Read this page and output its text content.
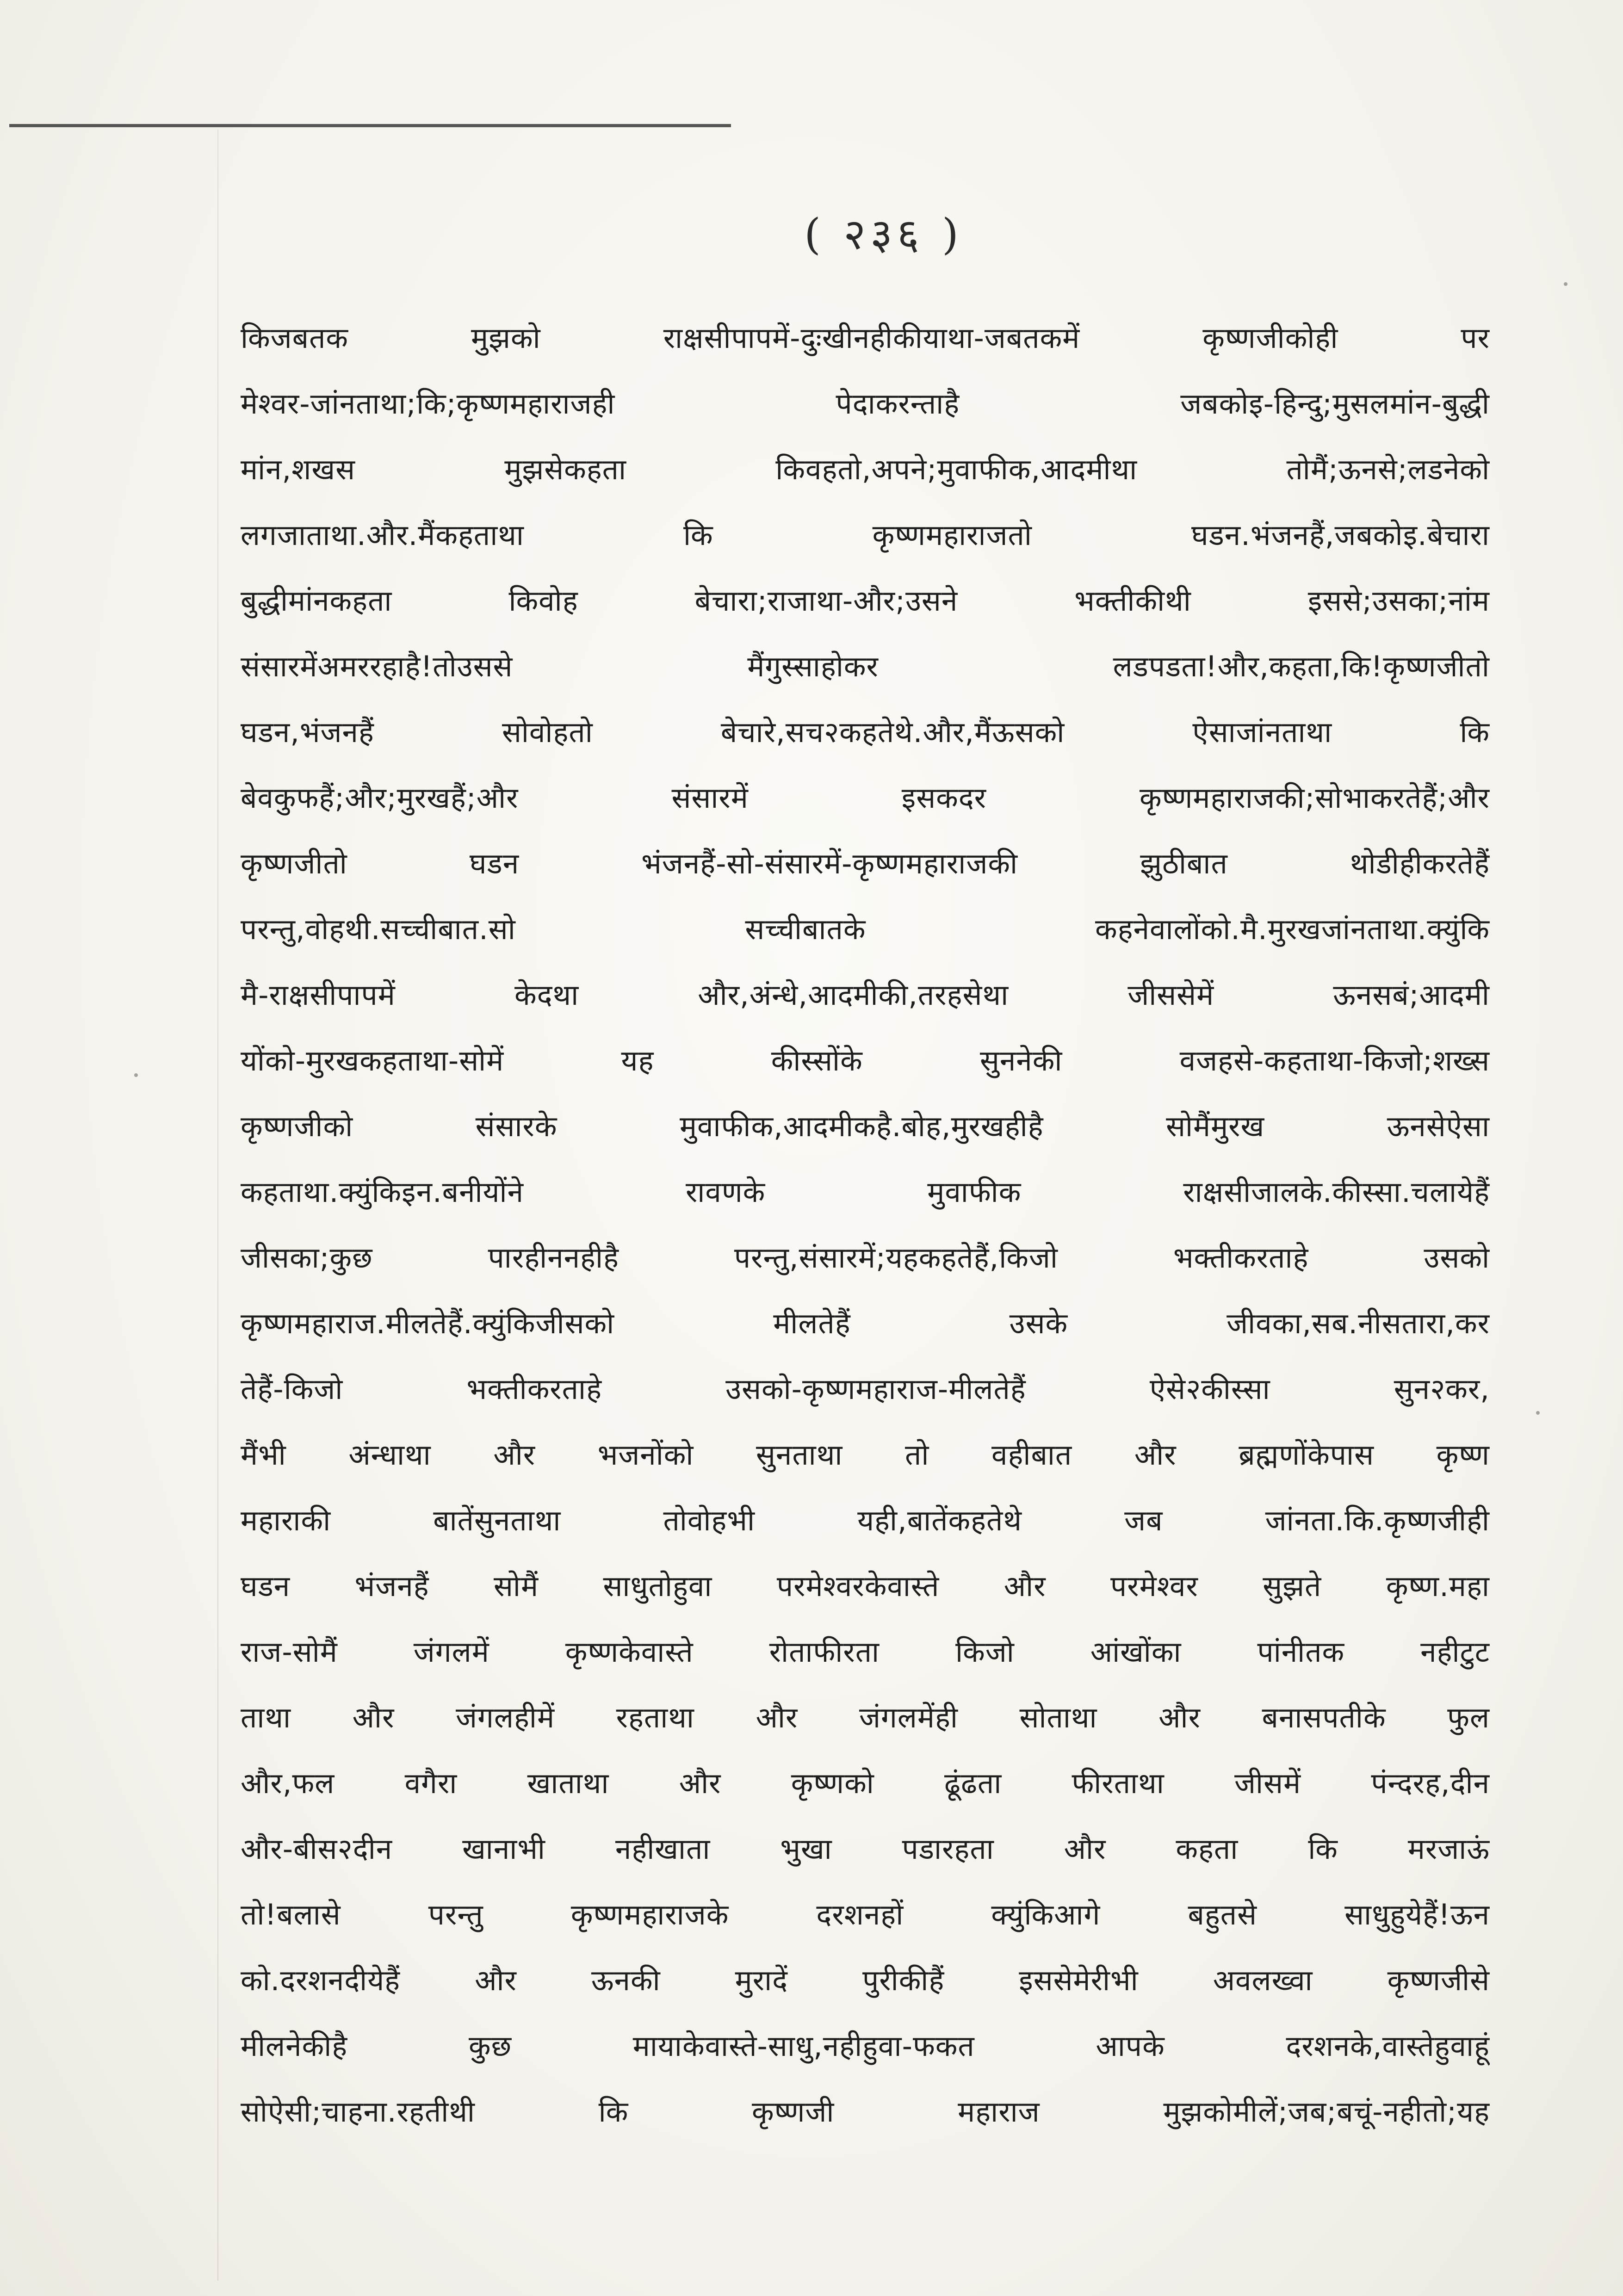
( २३६ )
किजबतक मुझको राक्षसीपापमें-दुःखीनहीकीयाथा-जबतकमें कृष्णजीकोही पर
मेश्वर-जांनताथा;कि;कृष्णमहाराजही पेदाकरन्ताहै जबकोइ-हिन्दु;मुसलमांन-बुद्धी
मांन,शखस मुझसेकहता किवहतो,अपने;मुवाफीक,आदमीथा तोमैं;ऊनसे;लडनेको
लगजाताथा.और.मैंकहताथा कि कृष्णमहाराजतो घडन.भंजनहैं,जबकोइ.बेचारा
बुद्धीमांनकहता किवोह बेचारा;राजाथा-और;उसने भक्तीकीथी इससे;उसका;नांम
संसारमेंअमररहाहै!तोउससे मैंगुस्साहोकर लडपडता!और,कहता,कि!कृष्णजीतो
घडन,भंजनहैं सोवोहतो बेचारे,सच२कहतेथे.और,मैंऊसको ऐसाजांनताथा कि
बेवकुफहैं;और;मुरखहैं;और संसारमें इसकदर कृष्णमहाराजकी;सोभाकरतेहैं;और
कृष्णजीतो घडन भंजनहैं-सो-संसारमें-कृष्णमहाराजकी झुठीबात थोडीहीकरतेहैं
परन्तु,वोहथी.सच्चीबात.सो सच्चीबातके कहनेवालोंको.मै.मुरखजांनताथा.क्युंकि
मै-राक्षसीपापमें केदथा और,अंन्धे,आदमीकी,तरहसेथा जीससेमें ऊनसबं;आदमी
योंको-मुरखकहताथा-सोमें यह कीस्सोंके सुननेकी वजहसे-कहताथा-किजो;शख्स
कृष्णजीको संसारके मुवाफीक,आदमीकहै.बोह,मुरखहीहै सोमैंमुरख ऊनसेऐसा
कहताथा.क्युंकिइन.बनीयोंने रावणके मुवाफीक राक्षसीजालके.कीस्सा.चलायेहैं
जीसका;कुछ पारहीननहीहै परन्तु,संसारमें;यहकहतेहैं,किजो भक्तीकरताहे उसको
कृष्णमहाराज.मीलतेहैं.क्युंकिजीसको मीलतेहैं उसके जीवका,सब.नीसतारा,कर
तेहैं-किजो भक्तीकरताहे उसको-कृष्णमहाराज-मीलतेहैं ऐसे२कीस्सा सुन२कर,
मैंभी अंन्धाथा और भजनोंको सुनताथा तो वहीबात और ब्रह्मणोंकेपास कृष्ण
महाराकी बातेंसुनताथा तोवोहभी यही,बातेंकहतेथे जब जांनता.कि.कृष्णजीही
घडन भंजनहैं सोमैं साधुतोहुवा परमेश्वरकेवास्ते और परमेश्वर सुझते कृष्ण.महा
राज-सोमैं जंगलमें कृष्णकेवास्ते रोताफीरता किजो आंखोंका पांनीतक नहीटुट
ताथा और जंगलहीमें रहताथा और जंगलमेंही सोताथा और बनासपतीके फुल
और,फल वगैरा खाताथा और कृष्णको ढूंढता फीरताथा जीसमें पंन्दरह,दीन
और-बीस२दीन खानाभी नहीखाता भुखा पडारहता और कहता कि मरजाऊं
तो!बलासे परन्तु कृष्णमहाराजके दरशनहों क्युंकिआगे बहुतसे साधुहुयेहैं!ऊन
को.दरशनदीयेहैं और ऊनकी मुरादें पुरीकीहैं इससेमेरीभी अवलख्वा कृष्णजीसे
मीलनेकीहै कुछ मायाकेवास्ते-साधु,नहीहुवा-फकत आपके दरशनके,वास्तेहुवाहूं
सोऐसी;चाहना.रहतीथी कि कृष्णजी महाराज मुझकोमीलें;जब;बचूं-नहीतो;यह
